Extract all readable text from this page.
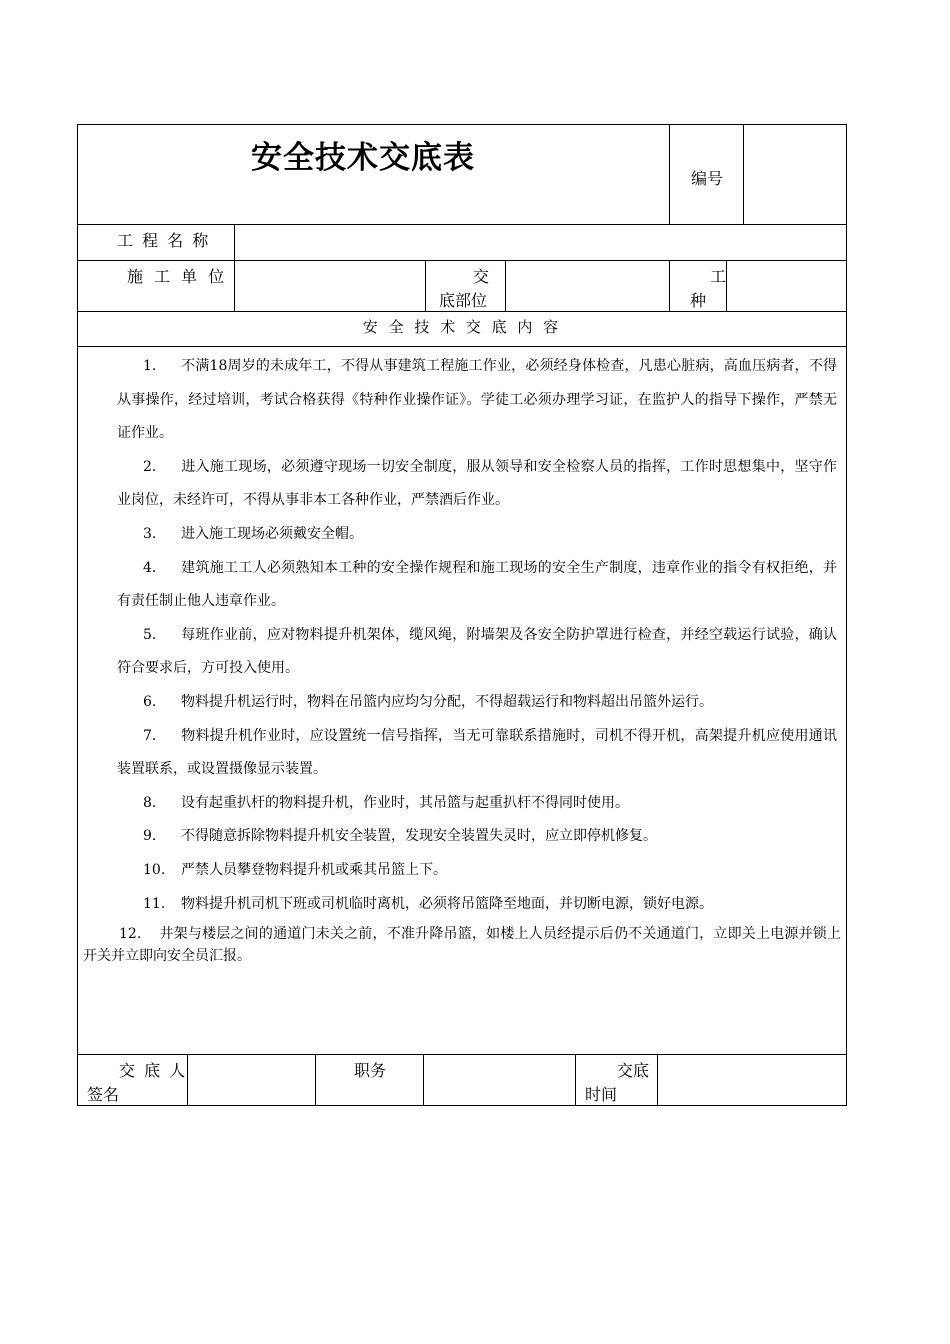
安全技术交底表
编号
工 程 名 称
施 工 单 位	交
底部位
工
种
安 全 技 术 交 底 内 容
1. 不满18周岁的未成年工，不得从事建筑工程施工作业，必须经身体检查，凡患心脏病，高血压病者，不得从事操作，经过培训，考试合格获得《特种作业操作证》。学徒工必须办理学习证，在监护人的指导下操作，严禁无证作业。
2. 进入施工现场，必须遵守现场一切安全制度，服从领导和安全检察人员的指挥，工作时思想集中，坚守作业岗位，未经许可，不得从事非本工各种作业，严禁酒后作业。
3. 进入施工现场必须戴安全帽。
4. 建筑施工工人必须熟知本工种的安全操作规程和施工现场的安全生产制度，违章作业的指令有权拒绝，并有责任制止他人违章作业。
5. 每班作业前，应对物料提升机架体，缆风绳，附墙架及各安全防护罩进行检查，并经空载运行试验，确认符合要求后，方可投入使用。
6. 物料提升机运行时，物料在吊篮内应均匀分配，不得超载运行和物料超出吊篮外运行。
7. 物料提升机作业时，应设置统一信号指挥，当无可靠联系措施时，司机不得开机，高架提升机应使用通讯装置联系，或设置摄像显示装置。
8. 设有起重扒杆的物料提升机，作业时，其吊篮与起重扒杆不得同时使用。
9. 不得随意拆除物料提升机安全装置，发现安全装置失灵时，应立即停机修复。
10. 严禁人员攀登物料提升机或乘其吊篮上下。
11. 物料提升机司机下班或司机临时离机，必须将吊篮降至地面，并切断电源，锁好电源。
12. 井架与楼层之间的通道门未关之前，不准升降吊篮，如楼上人员经提示后仍不关通道门，立即关上电源并锁上开关并立即向安全员汇报。
交 底 人
签名
职务	交底
时间
